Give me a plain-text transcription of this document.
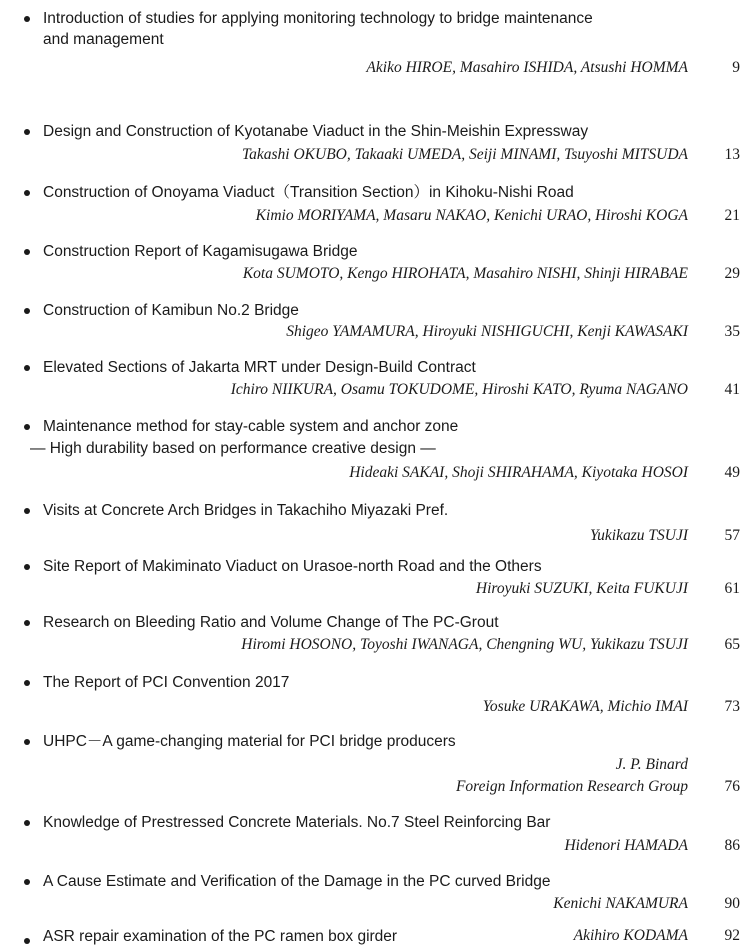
Introduction of studies for applying monitoring technology to bridge maintenance
and management
Akiko HIROE, Masahiro ISHIDA, Atsushi HOMMA	9
Design and Construction of Kyotanabe Viaduct in the Shin-Meishin Expressway
Takashi OKUBO, Takaaki UMEDA, Seiji MINAMI, Tsuyoshi MITSUDA	13
Construction of Onoyama Viaduct（Transition Section）in Kihoku-Nishi Road
Kimio MORIYAMA, Masaru NAKAO, Kenichi URAO, Hiroshi KOGA	21
Construction Report of Kagamisugawa Bridge
Kota SUMOTO, Kengo HIROHATA, Masahiro NISHI, Shinji HIRABAE	29
Construction of Kamibun No.2 Bridge
Shigeo YAMAMURA, Hiroyuki NISHIGUCHI, Kenji KAWASAKI	35
Elevated Sections of Jakarta MRT under Design-Build Contract
Ichiro NIIKURA, Osamu TOKUDOME, Hiroshi KATO, Ryuma NAGANO	41
Maintenance method for stay-cable system and anchor zone
— High durability based on performance creative design —
Hideaki SAKAI, Shoji SHIRAHAMA, Kiyotaka HOSOI	49
Visits at Concrete Arch Bridges in Takachiho Miyazaki Pref.
Yukikazu TSUJI	57
Site Report of Makiminato Viaduct on Urasoe-north Road and the Others
Hiroyuki SUZUKI, Keita FUKUJI	61
Research on Bleeding Ratio and Volume Change of The PC-Grout
Hiromi HOSONO, Toyoshi IWANAGA, Chengning WU, Yukikazu TSUJI	65
The Report of PCI Convention 2017
Yosuke URAKAWA, Michio IMAI	73
UHPC－A game-changing material for PCI bridge producers
J. P. Binard
Foreign Information Research Group	76
Knowledge of Prestressed Concrete Materials. No.7 Steel Reinforcing Bar
Hidenori HAMADA	86
A Cause Estimate and Verification of the Damage in the PC curved Bridge
Kenichi NAKAMURA	90
ASR repair examination of the PC ramen box girder	Akihiro KODAMA	92
